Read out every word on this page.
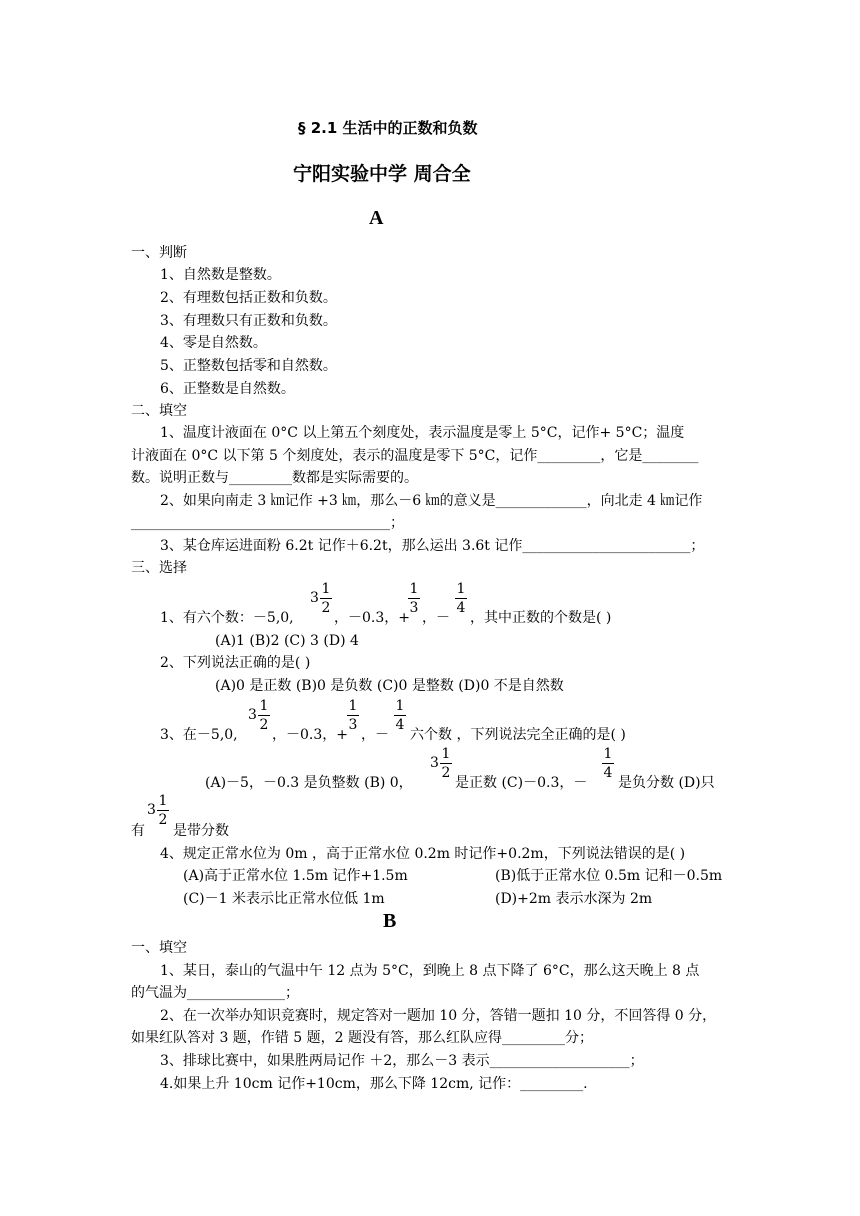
§ 2.1 生活中的正数和负数
宁阳实验中学 周合全
A
一、判断
1、自然数是整数。
2、有理数包括正数和负数。
3、有理数只有正数和负数。
4、零是自然数。
5、正整数包括零和自然数。
6、正整数是自然数。
二、填空
1、温度计液面在 0°C 以上第五个刻度处，表示温度是零上 5°C，记作+ 5°C；温度
计液面在 0°C 以下第 5 个刻度处，表示的温度是零下 5°C，记作_________，它是________
数。说明正数与_________数都是实际需要的。
2、如果向南走 3 ㎞记作 +3 ㎞，那么－6 ㎞的意义是_____________，向北走 4 ㎞记作
_____________________________________；
3、某仓库运进面粉 6.2t 记作＋6.2t，那么运出 3.6t 记作________________________；
三、选择
1、有六个数：－5,0,
3
1
2
，－0.3，+
1
3
，－
1
4
，其中正数的个数是( )
(A)1 (B)2 (C) 3 (D) 4
2、下列说法正确的是( )
(A)0 是正数 (B)0 是负数 (C)0 是整数 (D)0 不是自然数
3、在－5,0,
3
1
2
，－0.3，+
1
3
，－
1
4
六个数 ，下列说法完全正确的是( )
(A)－5，－0.3 是负整数 (B) 0，
3
1
2
是正数 (C)－0.3，－
1
4
是负分数 (D)只
有
3
1
2
是带分数
4、规定正常水位为 0m ，高于正常水位 0.2m 时记作+0.2m，下列说法错误的是( )
(A)高于正常水位 1.5m 记作+1.5m	(B)低于正常水位 0.5m 记和－0.5m
(C)－1 米表示比正常水位低 1m	(D)+2m 表示水深为 2m
B
一、填空
1、某日，泰山的气温中午 12 点为 5°C，到晚上 8 点下降了 6°C，那么这天晚上 8 点
的气温为______________；
2、在一次举办知识竞赛时，规定答对一题加 10 分，答错一题扣 10 分，不回答得 0 分，
如果红队答对 3 题，作错 5 题，2 题没有答，那么红队应得_________分；
3、排球比赛中，如果胜两局记作 ＋2，那么－3 表示____________________；
4.如果上升 10cm 记作+10cm，那么下降 12cm, 记作：_________.
